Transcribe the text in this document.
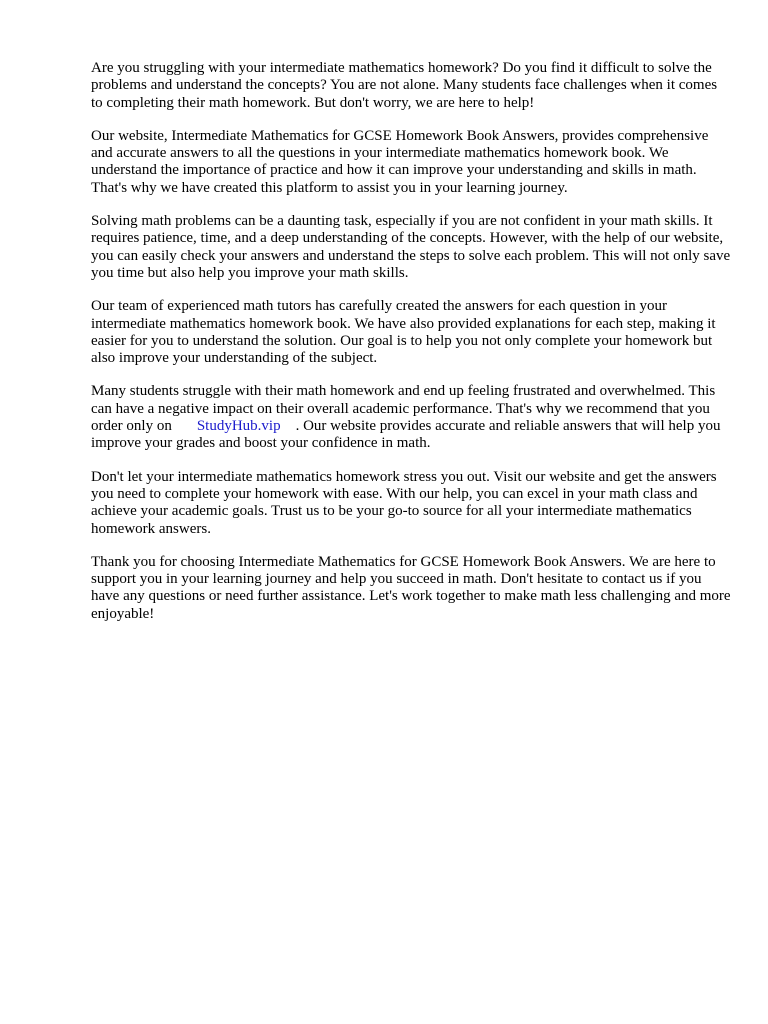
Are you struggling with your intermediate mathematics homework? Do you find it difficult to solve the problems and understand the concepts? You are not alone. Many students face challenges when it comes to completing their math homework. But don't worry, we are here to help!

Our website, Intermediate Mathematics for GCSE Homework Book Answers, provides comprehensive and accurate answers to all the questions in your intermediate mathematics homework book. We understand the importance of practice and how it can improve your understanding and skills in math. That's why we have created this platform to assist you in your learning journey.

Solving math problems can be a daunting task, especially if you are not confident in your math skills. It requires patience, time, and a deep understanding of the concepts. However, with the help of our website, you can easily check your answers and understand the steps to solve each problem. This will not only save you time but also help you improve your math skills.

Our team of experienced math tutors has carefully created the answers for each question in your intermediate mathematics homework book. We have also provided explanations for each step, making it easier for you to understand the solution. Our goal is to help you not only complete your homework but also improve your understanding of the subject.

Many students struggle with their math homework and end up feeling frustrated and overwhelmed. This can have a negative impact on their overall academic performance. That's why we recommend that you order only on StudyHub.vip . Our website provides accurate and reliable answers that will help you improve your grades and boost your confidence in math.

Don't let your intermediate mathematics homework stress you out. Visit our website and get the answers you need to complete your homework with ease. With our help, you can excel in your math class and achieve your academic goals. Trust us to be your go-to source for all your intermediate mathematics homework answers.

Thank you for choosing Intermediate Mathematics for GCSE Homework Book Answers. We are here to support you in your learning journey and help you succeed in math. Don't hesitate to contact us if you have any questions or need further assistance. Let's work together to make math less challenging and more enjoyable!
